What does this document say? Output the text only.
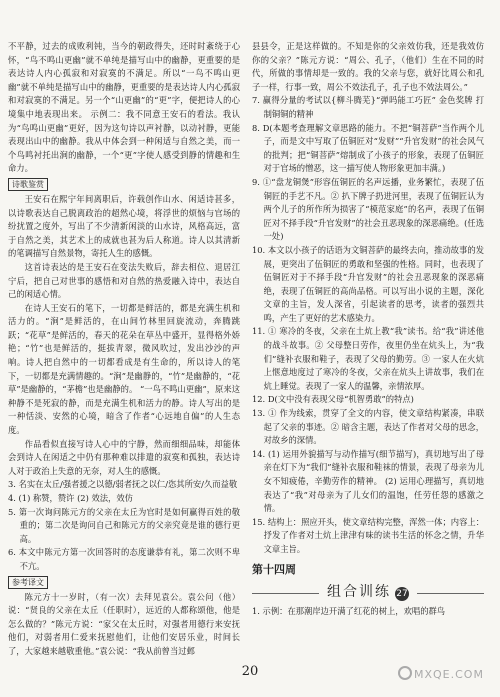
不平静，过去的成败利钝，当今的朝政得失，还时时紊绕于心怀，“鸟不鸣山更幽”就不单纯是描写山中的幽静，更重要的是表达诗人内心孤寂和对寂寞的不满足。所以“一鸟不鸣山更幽”就不单纯是描写山中的幽静，更重要的是表达诗人内心孤寂和对寂寞的不满足。另一个“山更幽”的“更”字，便把诗人的心境集中地表现出来。 示例二：我不同意王安石的看法。我认为“鸟鸣山更幽”更好，因为这句诗以声衬静，以动衬静，更能表现出山中的幽静。我从中体会到一种闲适与自然之美，而一个鸟鸣衬托出涧的幽静，一个“更”字使人感受到静的情趣和生命力。

诗歌鉴赏

王安石在熙宁年间离职后，许载创作山水、闲适诗甚多，以诗歌表达自己脱离政治的超然心境，将浮世的烦恼与官场的纷扰置之度外，写出了不少清新闲淡的山水诗，风格高远，富于自然之美，其艺术上的成就也甚为后人称道。诗人以其清新的笔调描写自然景物，寄托人生的感慨。

这首诗表达的是王安石在变法失败后，辞去相位、退居江宁后，把自己对世事的感悟和对自然的热爱融入诗中，表达自己的闲适心情。

在诗人王安石的笔下，一切都是鲜活的，都是充满生机和活力的。“涧”是鲜活的，在山间竹林里回旋流动，奔腾跳跃；“花草”是鲜活的，春天的花朵在草丛中盛开，显得格外娇艳；“竹”也是鲜活的，挺拔青翠，微风吹过，发出沙沙的声响。诗人把自然中的一切都看成是有生命的，所以诗人的笔下，一切都是充满情趣的。“涧”是幽静的，“竹”是幽静的，“花草”是幽静的，“茅檐”也是幽静的。 “一鸟不鸣山更幽”，原来这种静不是死寂的静，而是充满生机和活力的静。诗人写出的是一种恬淡、安然的心境，暗含了作者“心远地自偏”的人生态度。

作品看似直接写诗人心中的宁静，然而细细品味，却能体会到诗人在闲适之中仍有那种难以排遣的寂寞和孤独，表达诗人对于政治上失意的无奈，对人生的感慨。

3. 名实在太丘/强者援之以德/弱者抚之以仁/恣其所安/久而益敬

4. (1) 称赞，赞许 (2) 效法，效仿

5. 第一次询问陈元方的父亲在太丘为官时是如何赢得百姓的敬重的；第二次是询问自己和陈元方的父亲究竟是谁的德行更高。

6. 本文中陈元方第一次回答时的态度谦恭有礼，第二次则不卑不亢。

参考译文

陈元方十一岁时，（有一次）去拜见袁公。袁公问（他）说：“贤良的父亲在太丘（任职时），远近的人都称颂他，他是怎么做的？”陈元方说：“家父在太丘时，对强者用德行来安抚他们，对弱者用仁爱来抚慰他们，让他们安居乐业，时间长了，大家越来越敬重他。”袁公说：“我从前曾当过邺

县县令，正是这样做的。不知是你的父亲效仿我，还是我效仿你的父亲？”陈元方说：“周公、孔子，（他们）生在不同的时代，所做的事情却是一致的。我的父亲与您，就好比周公和孔子一样，行事一致，周公不效法孔子，孔子也不效法周公。”

7. 赢得分量的考试以{柳斗腾芜}“弹吗能工巧匠” 金色奖牌 打制铜铜的精神

8. D(本题考查理解文章思路的能力。不把“铜菩萨”当作两个儿子，而是文中写取了伍铜匠对“发财”“升官发财”的社会风气的批判；把“铜菩萨”熔制成了小孩子的形象，表现了伍铜匠对于官场的憎恶，这一描写使人物形象更加丰满。)

9. ①“盘龙铜煲”形容伍铜匠的名声远播，业务繁忙，表现了伍铜匠的手艺不凡。② 扒下牌子扔进河里，表现了伍铜匠认为两个儿子的所作所为损害了“模范家庭”的名声，表现了伍铜匠对不择手段“升官发财”的社会丑恶现象的深恶痛绝。(任选一处)

10. 本文以小孩子的话语为文铜菩萨的最终去向，推动故事的发展，更突出了伍铜匠的勇敢和坚强的性格。同时，也表现了伍铜匠对于不择手段“升官发财”的社会丑恶现象的深恶痛绝，表现了伍铜匠的高尚品格。可以写出小说的主题，深化文章的主旨，发人深省，引起读者的思考，读者的强烈共鸣，产生了更好的艺术感染力。

11. ① 寒冷的冬夜，父亲在土炕上教“我”读书。给“我”讲述他的战斗故事。② 父母整日劳作，夜里仍坐在炕头上，为“我们”缝补衣服和鞋子，表现了父母的勤劳。③ 一家人在火炕上惬意地度过了寒冷的冬夜，父亲在炕头上讲故事，我们在炕上睡觉。表现了一家人的温馨，亲情浓厚。

12. D(文中没有表现父母“机智勇敢”的特点)

13. ① 作为线索，贯穿了全文的内容，使文章结构紧凑，串联起了父亲的事迹。② 暗含主题，表达了作者对父母的思念，对故乡的深情。

14. (1) 运用外貌描写与动作描写(细节描写)，真切地写出了母亲在灯下为“我们”缝补衣服和鞋袜的情景，表现了母亲为儿女不知疲倦，辛勤劳作的精神。 (2) 运用心理描写，真切地表达了“我”对母亲为了儿女们的温饱，任劳任怨的感激之情。

15. 结构上：照应开头，使文章结构完整，浑然一体；内容上：抒发了作者对土炕上津津有味的读书生活的怀念之情，升华文章主旨。

第十四周
组合训练 27

1. 示例：在那潮岸边开满了红花的树上，欢唱的群鸟

20	MXQE.COM
